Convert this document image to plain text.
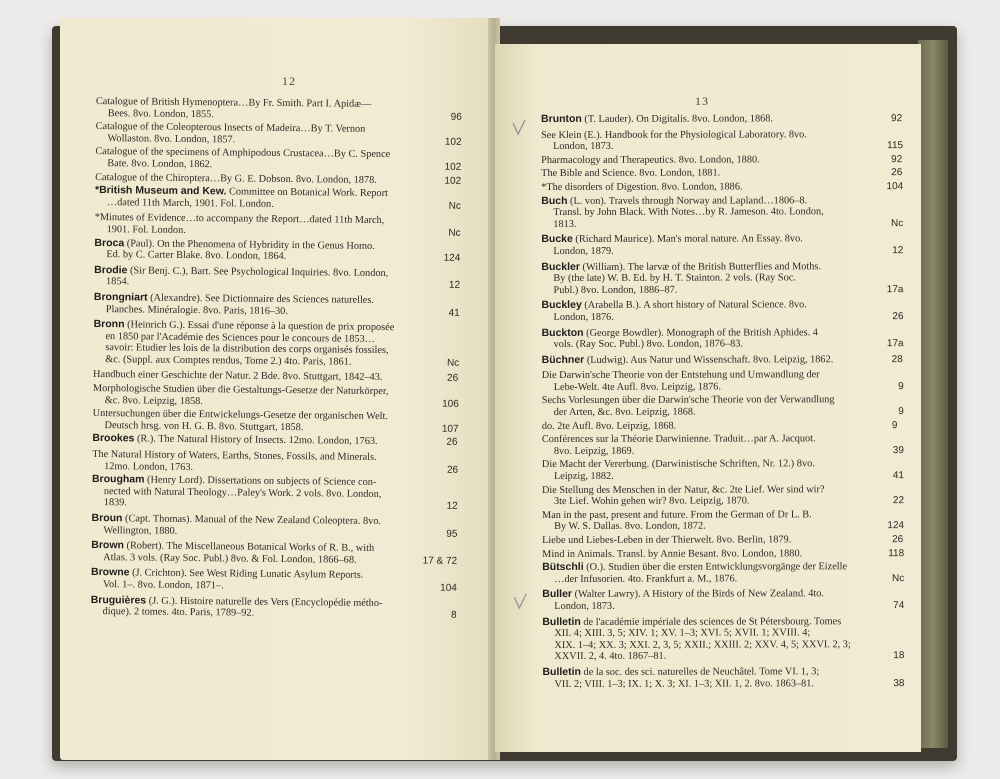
12
Catalogue of British Hymenoptera…By Fr. Smith. Part I. Apidæ—
Bees. 8vo. London, 1855.	96
Catalogue of the Coleopterous Insects of Madeira…By T. Vernon
Wollaston. 8vo. London, 1857.	102
Catalogue of the specimens of Amphipodous Crustacea…By C. Spence
Bate. 8vo. London, 1862.	102
Catalogue of the Chiroptera…By G. E. Dobson. 8vo. London, 1878.	102
*British Museum and Kew. Committee on Botanical Work. Report
…dated 11th March, 1901. Fol. London.	Nc
*Minutes of Evidence…to accompany the Report…dated 11th March,
1901. Fol. London.	Nc
Broca (Paul). On the Phenomena of Hybridity in the Genus Homo.
Ed. by C. Carter Blake. 8vo. London, 1864.	124
Brodie (Sir Benj. C.), Bart. See Psychological Inquiries. 8vo. London,
1854.	12
Brongniart (Alexandre). See Dictionnaire des Sciences naturelles.
Planches. Minéralogie. 8vo. Paris, 1816–30.	41
Bronn (Heinrich G.). Essai d'une réponse à la question de prix proposée
en 1850 par l'Académie des Sciences pour le concours de 1853…
savoir: Etudier les lois de la distribution des corps organisés fossiles,
&c. (Suppl. aux Comptes rendus, Tome 2.) 4to. Paris, 1861.	Nc
Handbuch einer Geschichte der Natur. 2 Bde. 8vo. Stuttgart, 1842–43.	26
Morphologische Studien über die Gestaltungs-Gesetze der Naturkörper,
&c. 8vo. Leipzig, 1858.	106
Untersuchungen über die Entwickelungs-Gesetze der organischen Welt.
Deutsch hrsg. von H. G. B. 8vo. Stuttgart, 1858.	107
Brookes (R.). The Natural History of Insects. 12mo. London, 1763.	26
The Natural History of Waters, Earths, Stones, Fossils, and Minerals.
12mo. London, 1763.	26
Brougham (Henry Lord). Dissertations on subjects of Science con-
nected with Natural Theology…Paley's Work. 2 vols. 8vo. London,
1839.	12
Broun (Capt. Thomas). Manual of the New Zealand Coleoptera. 8vo.
Wellington, 1880.	95
Brown (Robert). The Miscellaneous Botanical Works of R. B., with
Atlas. 3 vols. (Ray Soc. Publ.) 8vo. & Fol. London, 1866–68.	17 & 72
Browne (J. Crichton). See West Riding Lunatic Asylum Reports.
Vol. 1–. 8vo. London, 1871–.	104
Bruguières (J. G.). Histoire naturelle des Vers (Encyclopédie métho-
dique). 2 tomes. 4to. Paris, 1789–92.	8
13
Brunton (T. Lauder). On Digitalis. 8vo. London, 1868.	92
See Klein (E.). Handbook for the Physiological Laboratory. 8vo.
London, 1873.	115
Pharmacology and Therapeutics. 8vo. London, 1880.	92
The Bible and Science. 8vo. London, 1881.	26
*The disorders of Digestion. 8vo. London, 1886.	104
Buch (L. von). Travels through Norway and Lapland…1806–8.
Transl. by John Black. With Notes…by R. Jameson. 4to. London,
1813.	Nc
Bucke (Richard Maurice). Man's moral nature. An Essay. 8vo.
London, 1879.	12
Buckler (William). The larvæ of the British Butterflies and Moths.
By (the late) W. B. Ed. by H. T. Stainton. 2 vols. (Ray Soc.
Publ.) 8vo. London, 1886–87.	17a
Buckley (Arabella B.). A short history of Natural Science. 8vo.
London, 1876.	26
Buckton (George Bowdler). Monograph of the British Aphides. 4
vols. (Ray Soc. Publ.) 8vo. London, 1876–83.	17a
Büchner (Ludwig). Aus Natur und Wissenschaft. 8vo. Leipzig, 1862.	28
Die Darwin'sche Theorie von der Entstehung und Umwandlung der
Lebe-Welt. 4te Aufl. 8vo. Leipzig, 1876.	9
Sechs Vorlesungen über die Darwin'sche Theorie von der Verwandlung
der Arten, &c. 8vo. Leipzig, 1868.	9
do. 2te Aufl. 8vo. Leipzig, 1868.	9
Conférences sur la Théorie Darwinienne. Traduit…par A. Jacquot.
8vo. Leipzig, 1869.	39
Die Macht der Vererbung. (Darwinistische Schriften, Nr. 12.) 8vo.
Leipzig, 1882.	41
Die Stellung des Menschen in der Natur, &c. 2te Lief. Wer sind wir?
3te Lief. Wohin gehen wir? 8vo. Leipzig, 1870.	22
Man in the past, present and future. From the German of Dr L. B.
By W. S. Dallas. 8vo. London, 1872.	124
Liebe und Liebes-Leben in der Thierwelt. 8vo. Berlin, 1879.	26
Mind in Animals. Transl. by Annie Besant. 8vo. London, 1880.	118
Bütschli (O.). Studien über die ersten Entwicklungsvorgänge der Eizelle
…der Infusorien. 4to. Frankfurt a. M., 1876.	Nc
Buller (Walter Lawry). A History of the Birds of New Zealand. 4to.
London, 1873.	74
Bulletin de l'académie impériale des sciences de St Pétersbourg. Tomes
XII. 4; XIII. 3, 5; XIV. 1; XV. 1–3; XVI. 5; XVII. 1; XVIII. 4;
XIX. 1–4; XX. 3; XXI. 2, 3, 5; XXII.; XXIII. 2; XXV. 4, 5; XXVI. 2, 3;
XXVII. 2, 4. 4to. 1867–81.	18
Bulletin de la soc. des sci. naturelles de Neuchâtel. Tome VI. 1, 3;
VII. 2; VIII. 1–3; IX. 1; X. 3; XI. 1–3; XII. 1, 2. 8vo. 1863–81.	38
